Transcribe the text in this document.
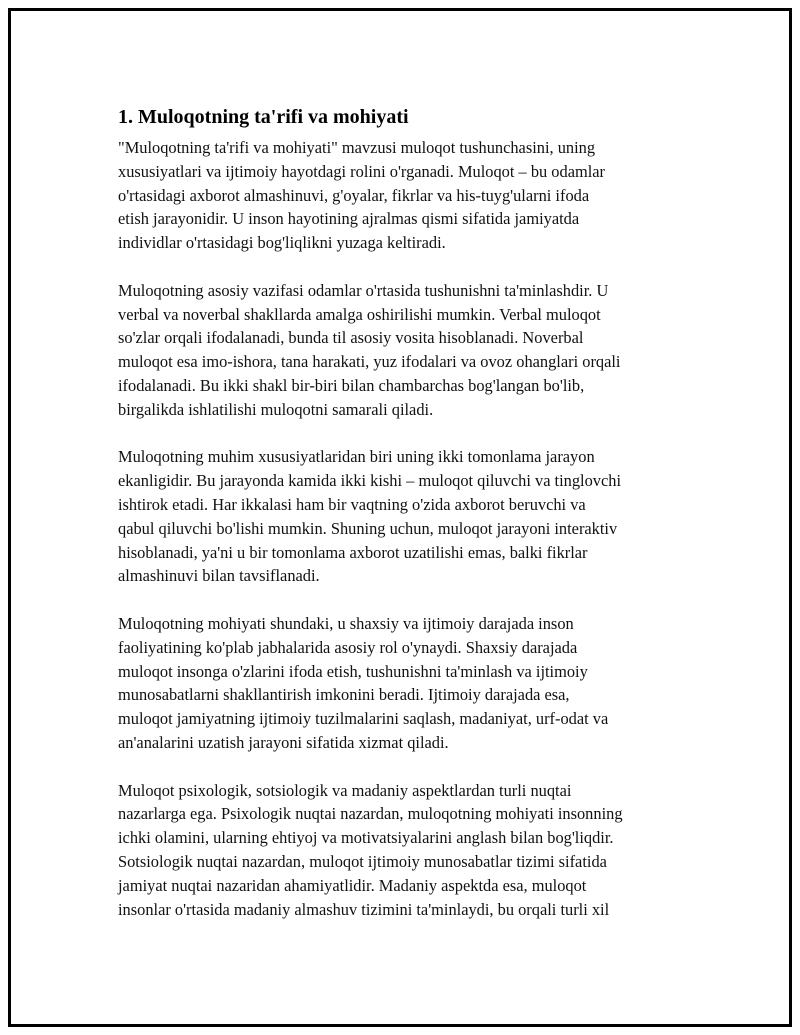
1. Muloqotning ta'rifi va mohiyati

"Muloqotning ta'rifi va mohiyati" mavzusi muloqot tushunchasini, uning
xususiyatlari va ijtimoiy hayotdagi rolini o'rganadi. Muloqot – bu odamlar
o'rtasidagi axborot almashinuvi, g'oyalar, fikrlar va his-tuyg'ularni ifoda
etish jarayonidir. U inson hayotining ajralmas qismi sifatida jamiyatda
individlar o'rtasidagi bog'liqlikni yuzaga keltiradi.

Muloqotning asosiy vazifasi odamlar o'rtasida tushunishni ta'minlashdir. U
verbal va noverbal shakllarda amalga oshirilishi mumkin. Verbal muloqot
so'zlar orqali ifodalanadi, bunda til asosiy vosita hisoblanadi. Noverbal
muloqot esa imo-ishora, tana harakati, yuz ifodalari va ovoz ohanglari orqali
ifodalanadi. Bu ikki shakl bir-biri bilan chambarchas bog'langan bo'lib,
birgalikda ishlatilishi muloqotni samarali qiladi.

Muloqotning muhim xususiyatlaridan biri uning ikki tomonlama jarayon
ekanligidir. Bu jarayonda kamida ikki kishi – muloqot qiluvchi va tinglovchi
ishtirok etadi. Har ikkalasi ham bir vaqtning o'zida axborot beruvchi va
qabul qiluvchi bo'lishi mumkin. Shuning uchun, muloqot jarayoni interaktiv
hisoblanadi, ya'ni u bir tomonlama axborot uzatilishi emas, balki fikrlar
almashinuvi bilan tavsiflanadi.

Muloqotning mohiyati shundaki, u shaxsiy va ijtimoiy darajada inson
faoliyatining ko'plab jabhalarida asosiy rol o'ynaydi. Shaxsiy darajada
muloqot insonga o'zlarini ifoda etish, tushunishni ta'minlash va ijtimoiy
munosabatlarni shakllantirish imkonini beradi. Ijtimoiy darajada esa,
muloqot jamiyatning ijtimoiy tuzilmalarini saqlash, madaniyat, urf-odat va
an'analarini uzatish jarayoni sifatida xizmat qiladi.

Muloqot psixologik, sotsiologik va madaniy aspektlardan turli nuqtai
nazarlarga ega. Psixologik nuqtai nazardan, muloqotning mohiyati insonning
ichki olamini, ularning ehtiyoj va motivatsiyalarini anglash bilan bog'liqdir.
Sotsiologik nuqtai nazardan, muloqot ijtimoiy munosabatlar tizimi sifatida
jamiyat nuqtai nazaridan ahamiyatlidir. Madaniy aspektda esa, muloqot
insonlar o'rtasida madaniy almashuv tizimini ta'minlaydi, bu orqali turli xil
